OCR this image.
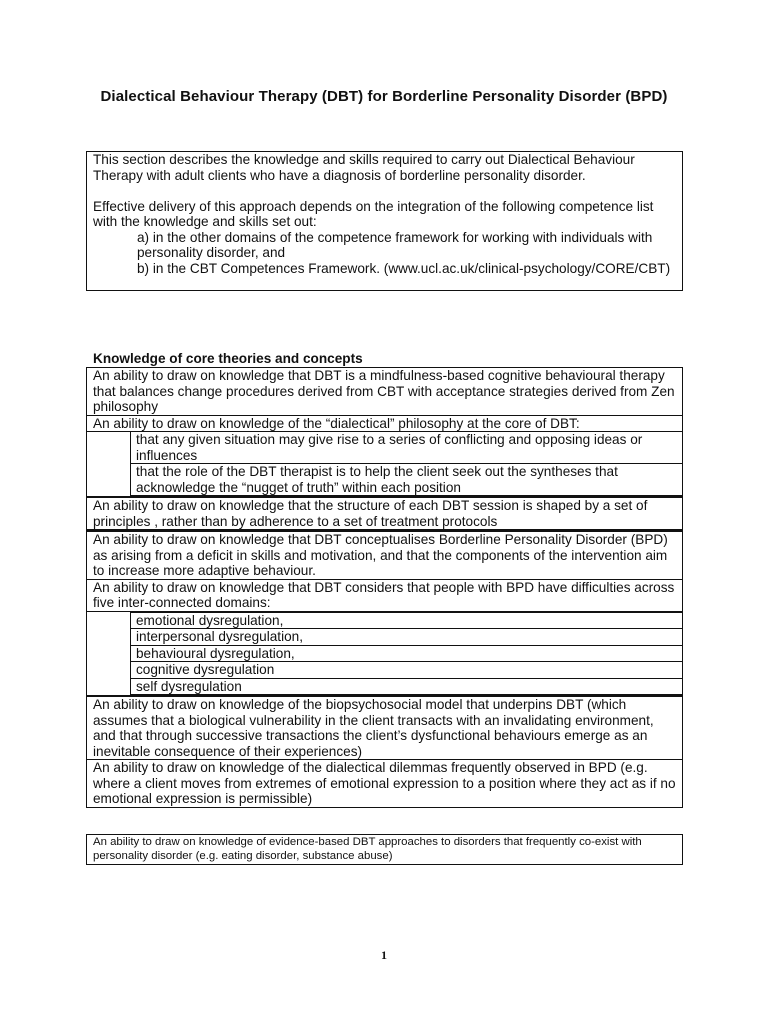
Dialectical Behaviour Therapy (DBT) for Borderline Personality Disorder (BPD)

This section describes the knowledge and skills required to carry out Dialectical Behaviour Therapy with adult clients who have a diagnosis of borderline personality disorder.

Effective delivery of this approach depends on the integration of the following competence list with the knowledge and skills set out:

a) in the other domains of the competence framework for working with individuals with personality disorder, and

b) in the CBT Competences Framework. (www.ucl.ac.uk/clinical-psychology/CORE/CBT)

Knowledge of core theories and concepts
An ability to draw on knowledge that DBT is a mindfulness-based cognitive behavioural therapy that balances change procedures derived from CBT with acceptance strategies derived from Zen philosophy
An ability to draw on knowledge of the “dialectical” philosophy at the core of DBT:
that any given situation may give rise to a series of conflicting and opposing ideas or influences
that the role of the DBT therapist is to help the client seek out the syntheses that acknowledge the “nugget of truth” within each position
An ability to draw on knowledge that the structure of each DBT session is shaped by a set of principles , rather than by adherence to a set of treatment protocols
An ability to draw on knowledge that DBT conceptualises Borderline Personality Disorder (BPD) as arising from a deficit in skills and motivation, and that the components of the intervention aim to increase more adaptive behaviour.
An ability to draw on knowledge that DBT considers that people with BPD have difficulties across five inter-connected domains:
emotional dysregulation,
interpersonal dysregulation,
behavioural dysregulation,
cognitive dysregulation
self dysregulation
An ability to draw on knowledge of the biopsychosocial model that underpins DBT (which assumes that a biological vulnerability in the client transacts with an invalidating environment, and that through successive transactions the client’s dysfunctional behaviours emerge as an inevitable consequence of their experiences)
An ability to draw on knowledge of the dialectical dilemmas frequently observed in BPD (e.g. where a client moves from extremes of emotional expression to a position where they act as if no emotional expression is permissible)
An ability to draw on knowledge of evidence-based DBT approaches to disorders that frequently co-exist with personality disorder (e.g. eating disorder, substance abuse)
1
